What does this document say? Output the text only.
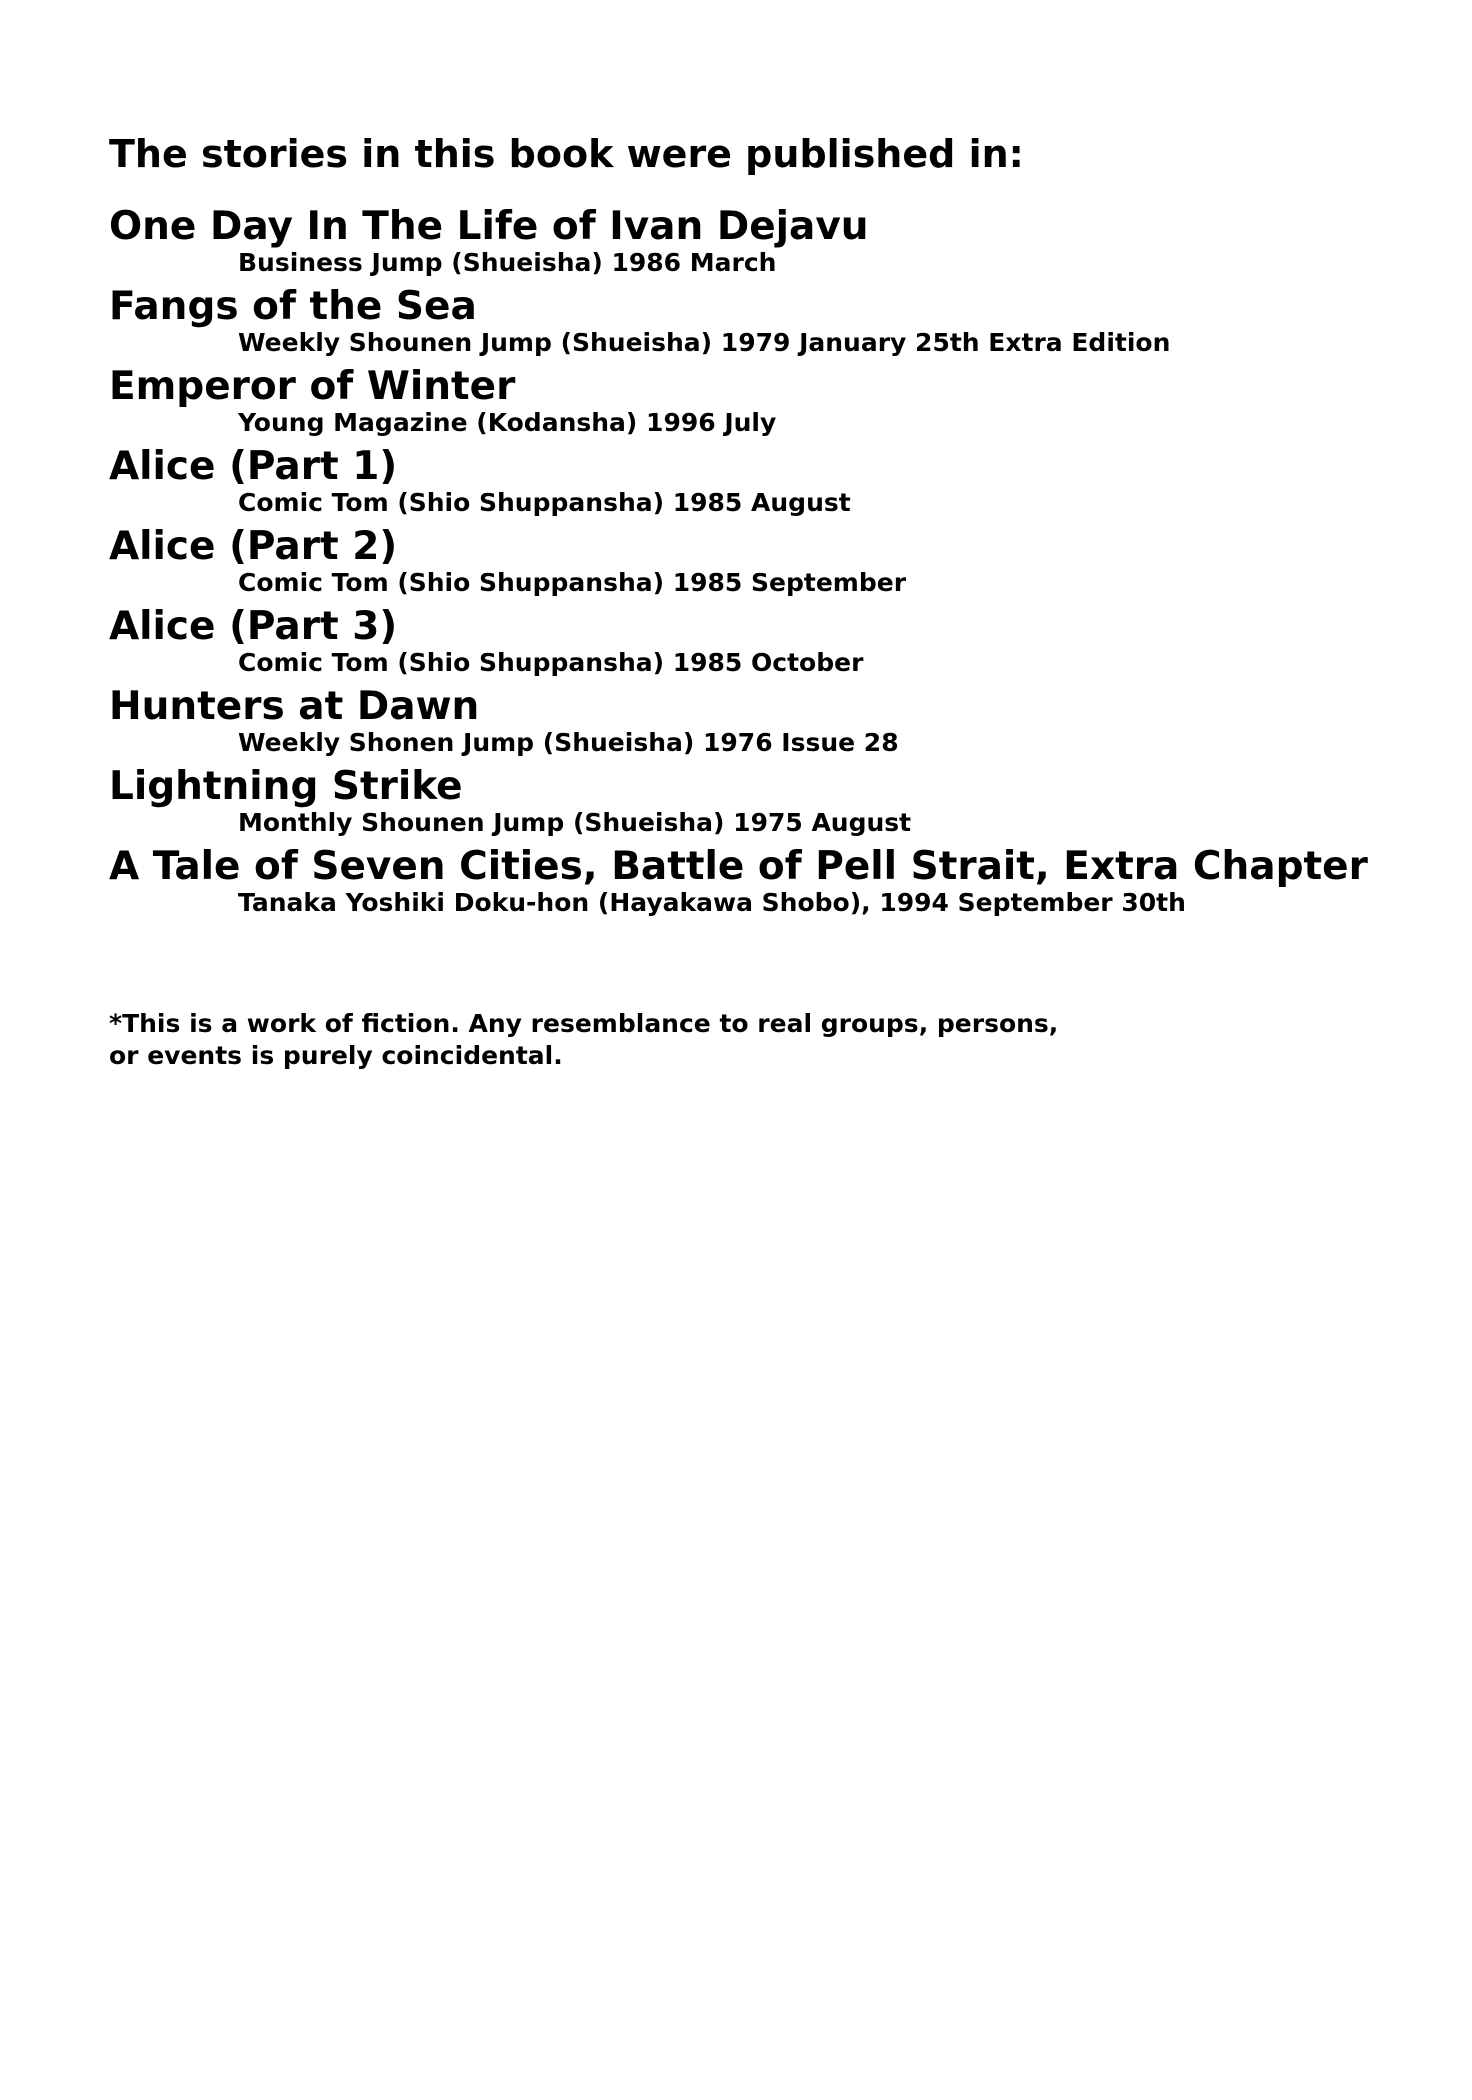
The stories in this book were published in:
One Day In The Life of Ivan Dejavu
Business Jump (Shueisha) 1986 March
Fangs of the Sea
Weekly Shounen Jump (Shueisha) 1979 January 25th Extra Edition
Emperor of Winter
Young Magazine (Kodansha) 1996 July
Alice (Part 1)
Comic Tom (Shio Shuppansha) 1985 August
Alice (Part 2)
Comic Tom (Shio Shuppansha) 1985 September
Alice (Part 3)
Comic Tom (Shio Shuppansha) 1985 October
Hunters at Dawn
Weekly Shonen Jump (Shueisha) 1976 Issue 28
Lightning Strike
Monthly Shounen Jump (Shueisha) 1975 August
A Tale of Seven Cities, Battle of Pell Strait, Extra Chapter
Tanaka Yoshiki Doku-hon (Hayakawa Shobo), 1994 September 30th

*This is a work of fiction. Any resemblance to real groups, persons,
or events is purely coincidental.
